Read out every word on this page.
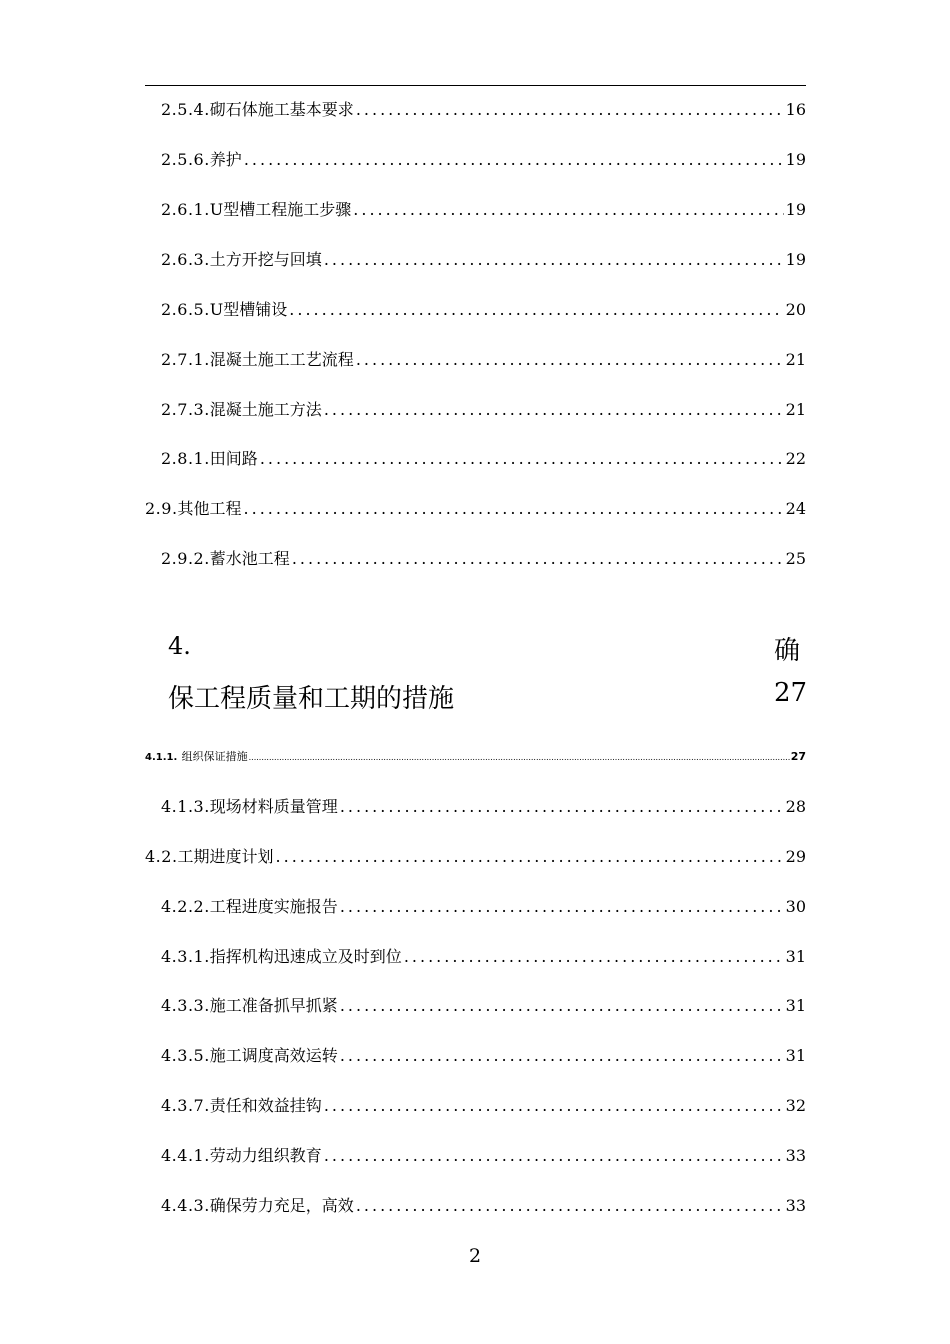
2.5.4. 砌石体施工基本要求 .....	16
2.5.6. 养护 .....	19
2.6.1. U型槽工程施工步骤 .....	19
2.6.3. 土方开挖与回填 .....	19
2.6.5. U型槽铺设 .....	20
2.7.1. 混凝土施工工艺流程 .....	21
2.7.3. 混凝土施工方法 .....	21
2.8.1. 田间路 .....	22
2.9. 其他工程 .....	24
2.9.2. 蓄水池工程 .....	25
4.	确
保工程质量和工期的措施	27
4.1.1. 组织保证措施 .....	27
4.1.3. 现场材料质量管理 .....	28
4.2. 工期进度计划 .....	29
4.2.2. 工程进度实施报告 .....	30
4.3.1. 指挥机构迅速成立及时到位 .....	31
4.3.3. 施工准备抓早抓紧 .....	31
4.3.5. 施工调度高效运转 .....	31
4.3.7. 责任和效益挂钩 .....	32
4.4.1. 劳动力组织教育 .....	33
4.4.3. 确保劳力充足，高效 .....	33
2
